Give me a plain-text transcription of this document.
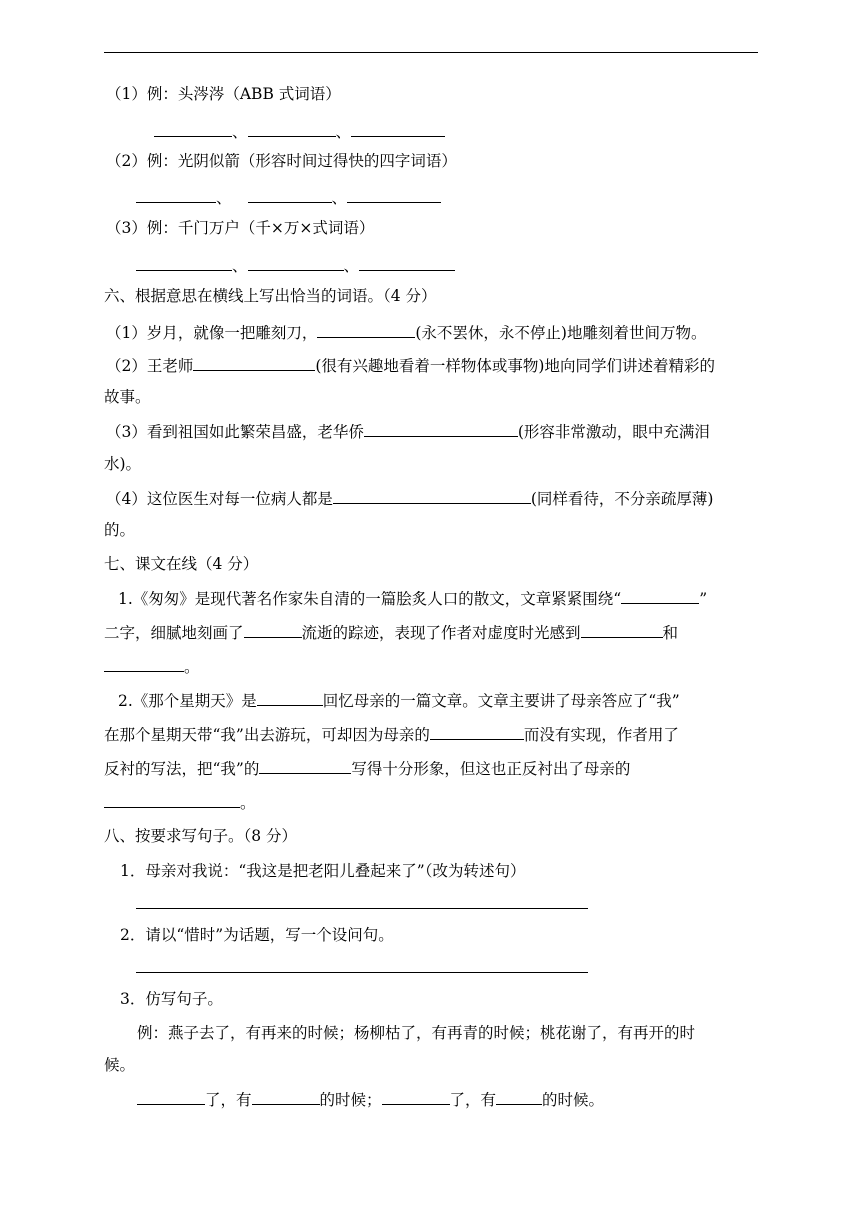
（1）例：头涔涔（ABB 式词语）
、	、
（2）例：光阴似箭（形容时间过得快的四字词语）
、	、
（3）例：千门万户（千×万×式词语）
、	、
六、根据意思在横线上写出恰当的词语。（4 分）
（1）岁月，就像一把雕刻刀，	(永不罢休，永不停止)地雕刻着世间万物。
（2）王老师	(很有兴趣地看着一样物体或事物)地向同学们讲述着精彩的
故事。
（3）看到祖国如此繁荣昌盛，老华侨	(形容非常激动，眼中充满泪
水)。
（4）这位医生对每一位病人都是	(同样看待，不分亲疏厚薄)
的。
七、课文在线（4 分）
1.《匆匆》是现代著名作家朱自清的一篇脍炙人口的散文，文章紧紧围绕“	”
二字，细腻地刻画了	流逝的踪迹，表现了作者对虚度时光感到	和
。
2.《那个星期天》是	回忆母亲的一篇文章。文章主要讲了母亲答应了“我”
在那个星期天带“我”出去游玩，可却因为母亲的	而没有实现，作者用了
反衬的写法，把“我”的	写得十分形象，但这也正反衬出了母亲的
。
八、按要求写句子。（8 分）
1．母亲对我说：“我这是把老阳儿叠起来了”（改为转述句）
2．请以“惜时”为话题，写一个设问句。
3．仿写句子。
例：燕子去了，有再来的时候；杨柳枯了，有再青的时候；桃花谢了，有再开的时
候。
了，有	的时候；	了，有	的时候。
